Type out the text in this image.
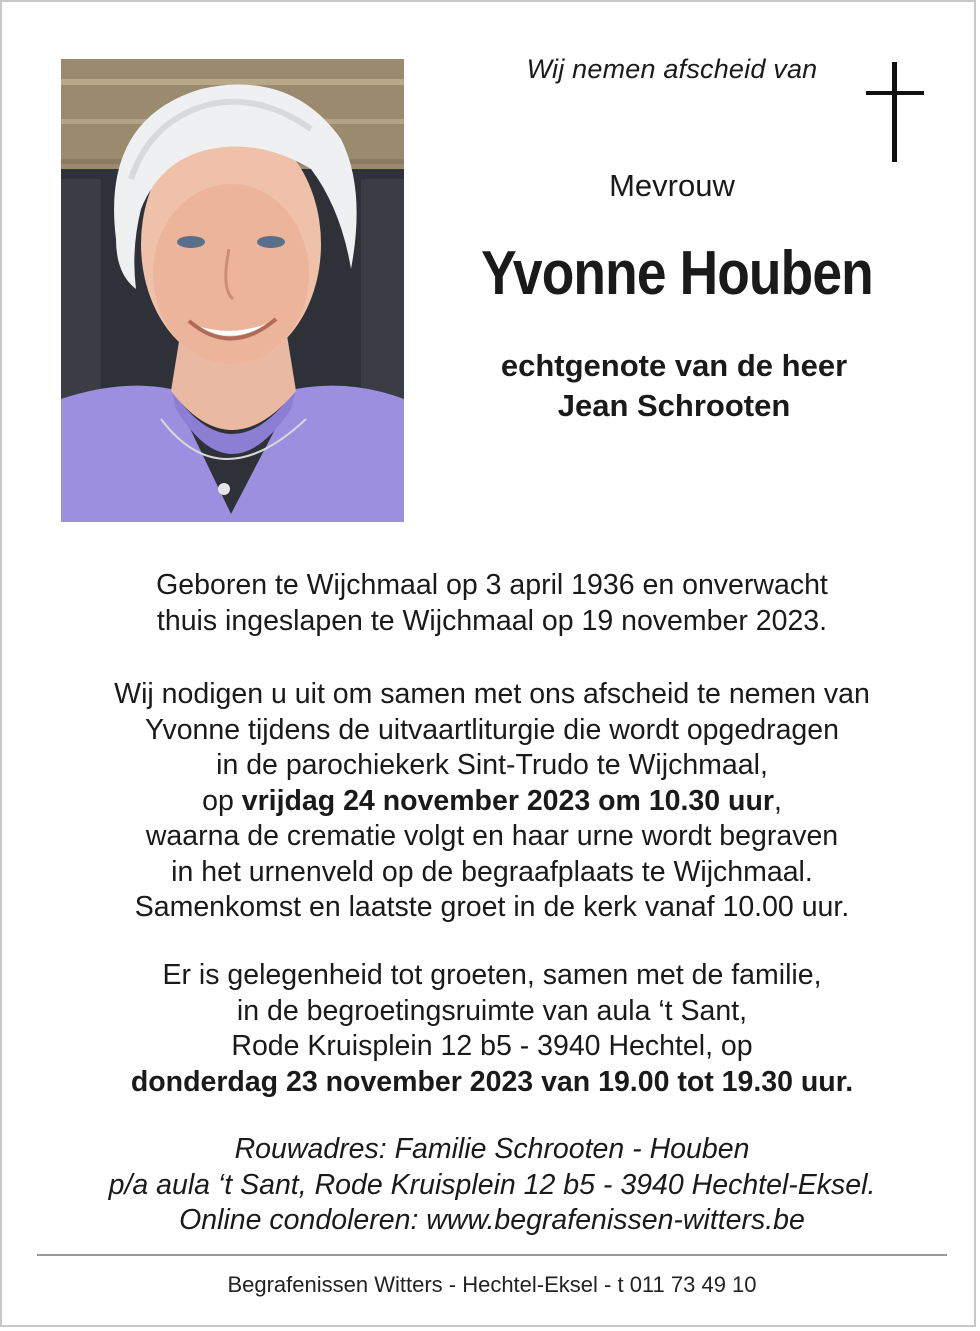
Wij nemen afscheid van
Mevrouw
Yvonne Houben
echtgenote van de heer
Jean Schrooten
Geboren te Wijchmaal op 3 april 1936 en onverwacht
thuis ingeslapen te Wijchmaal op 19 november 2023.
Wij nodigen u uit om samen met ons afscheid te nemen van
Yvonne tijdens de uitvaartliturgie die wordt opgedragen
in de parochiekerk Sint-Trudo te Wijchmaal,
op vrijdag 24 november 2023 om 10.30 uur,
waarna de crematie volgt en haar urne wordt begraven
in het urnenveld op de begraafplaats te Wijchmaal.
Samenkomst en laatste groet in de kerk vanaf 10.00 uur.
Er is gelegenheid tot groeten, samen met de familie,
in de begroetingsruimte van aula ‘t Sant,
Rode Kruisplein 12 b5 - 3940 Hechtel, op
donderdag 23 november 2023 van 19.00 tot 19.30 uur.
Rouwadres: Familie Schrooten - Houben
p/a aula ‘t Sant, Rode Kruisplein 12 b5 - 3940 Hechtel-Eksel.
Online condoleren: www.begrafenissen-witters.be
Begrafenissen Witters - Hechtel-Eksel - t 011 73 49 10
